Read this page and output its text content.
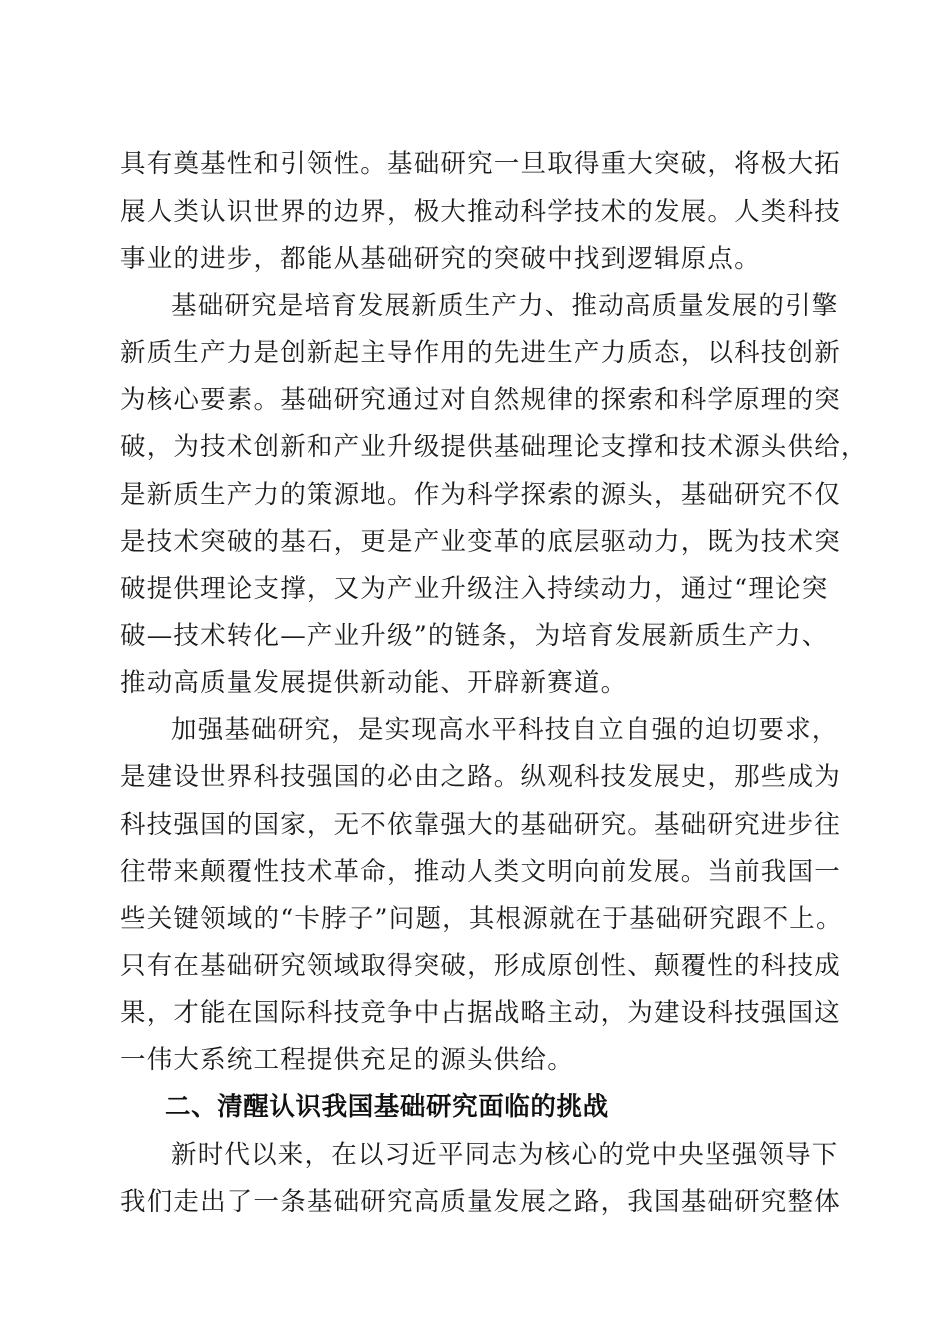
具有奠基性和引领性。基础研究一旦取得重大突破，将极大拓
展人类认识世界的边界，极大推动科学技术的发展。人类科技
事业的进步，都能从基础研究的突破中找到逻辑原点。
基础研究是培育发展新质生产力、推动高质量发展的引擎
新质生产力是创新起主导作用的先进生产力质态，以科技创新
为核心要素。基础研究通过对自然规律的探索和科学原理的突
破，为技术创新和产业升级提供基础理论支撑和技术源头供给，
是新质生产力的策源地。作为科学探索的源头，基础研究不仅
是技术突破的基石，更是产业变革的底层驱动力，既为技术突
破提供理论支撑，又为产业升级注入持续动力，通过“理论突
破—技术转化—产业升级”的链条，为培育发展新质生产力、
推动高质量发展提供新动能、开辟新赛道。
加强基础研究，是实现高水平科技自立自强的迫切要求，
是建设世界科技强国的必由之路。纵观科技发展史，那些成为
科技强国的国家，无不依靠强大的基础研究。基础研究进步往
往带来颠覆性技术革命，推动人类文明向前发展。当前我国一
些关键领域的“卡脖子”问题，其根源就在于基础研究跟不上。
只有在基础研究领域取得突破，形成原创性、颠覆性的科技成
果，才能在国际科技竞争中占据战略主动，为建设科技强国这
一伟大系统工程提供充足的源头供给。
二、清醒认识我国基础研究面临的挑战
新时代以来，在以习近平同志为核心的党中央坚强领导下
我们走出了一条基础研究高质量发展之路，我国基础研究整体
